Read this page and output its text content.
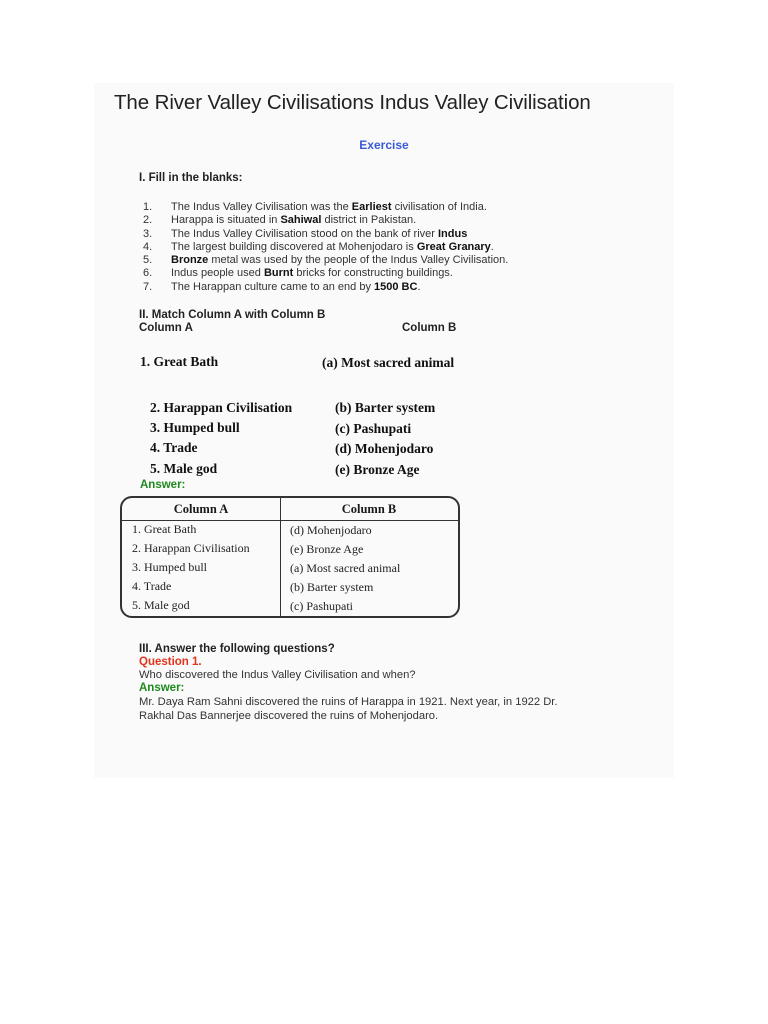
The River Valley Civilisations Indus Valley Civilisation
Exercise
I. Fill in the blanks:
1. The Indus Valley Civilisation was the Earliest civilisation of India.
2. Harappa is situated in Sahiwal district in Pakistan.
3. The Indus Valley Civilisation stood on the bank of river Indus
4. The largest building discovered at Mohenjodaro is Great Granary.
5. Bronze metal was used by the people of the Indus Valley Civilisation.
6. Indus people used Burnt bricks for constructing buildings.
7. The Harappan culture came to an end by 1500 BC.
II. Match Column A with Column B
Column A	Column B
1. Great Bath	(a) Most sacred animal
2. Harappan Civilisation	(b) Barter system
3. Humped bull	(c) Pashupati
4. Trade	(d) Mohenjodaro
5. Male god	(e) Bronze Age
Answer:
Column A	Column B
1. Great Bath	(d) Mohenjodaro
2. Harappan Civilisation	(e) Bronze Age
3. Humped bull	(a) Most sacred animal
4. Trade	(b) Barter system
5. Male god	(c) Pashupati
III. Answer the following questions?
Question 1.
Who discovered the Indus Valley Civilisation and when?
Answer:
Mr. Daya Ram Sahni discovered the ruins of Harappa in 1921. Next year, in 1922 Dr.
Rakhal Das Bannerjee discovered the ruins of Mohenjodaro.
